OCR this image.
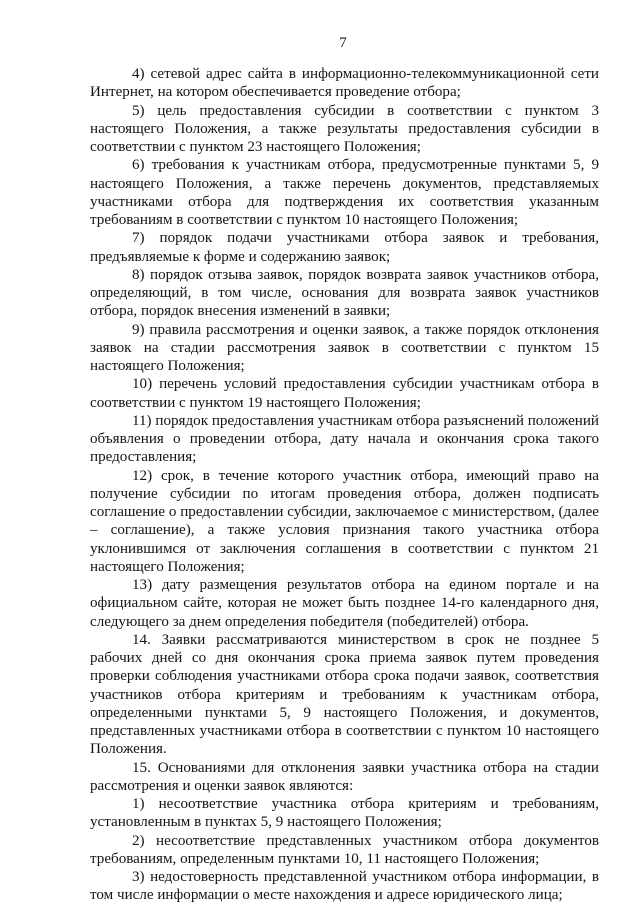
7

4) сетевой адрес сайта в информационно-телекоммуникационной сети Интернет, на котором обеспечивается проведение отбора;

5) цель предоставления субсидии в соответствии с пунктом 3 настоящего Положения, а также результаты предоставления субсидии в соответствии с пунктом 23 настоящего Положения;

6) требования к участникам отбора, предусмотренные пунктами 5, 9 настоящего Положения, а также перечень документов, представляемых участниками отбора для подтверждения их соответствия указанным требованиям в соответствии с пунктом 10 настоящего Положения;

7) порядок подачи участниками отбора заявок и требования, предъявляемые к форме и содержанию заявок;

8) порядок отзыва заявок, порядок возврата заявок участников отбора, определяющий, в том числе, основания для возврата заявок участников отбора, порядок внесения изменений в заявки;

9) правила рассмотрения и оценки заявок, а также порядок отклонения заявок на стадии рассмотрения заявок в соответствии с пунктом 15 настоящего Положения;

10) перечень условий предоставления субсидии участникам отбора в соответствии с пунктом 19 настоящего Положения;

11) порядок предоставления участникам отбора разъяснений положений объявления о проведении отбора, дату начала и окончания срока такого предоставления;

12) срок, в течение которого участник отбора, имеющий право на получение субсидии по итогам проведения отбора, должен подписать соглашение о предоставлении субсидии, заключаемое с министерством, (далее – соглашение), а также условия признания такого участника отбора уклонившимся от заключения соглашения в соответствии с пунктом 21 настоящего Положения;

13) дату размещения результатов отбора на едином портале и на официальном сайте, которая не может быть позднее 14-го календарного дня, следующего за днем определения победителя (победителей) отбора.

14. Заявки рассматриваются министерством в срок не позднее 5 рабочих дней со дня окончания срока приема заявок путем проведения проверки соблюдения участниками отбора срока подачи заявок, соответствия участников отбора критериям и требованиям к участникам отбора, определенными пунктами 5, 9 настоящего Положения, и документов, представленных участниками отбора в соответствии с пунктом 10 настоящего Положения.

15. Основаниями для отклонения заявки участника отбора на стадии рассмотрения и оценки заявок являются:

1) несоответствие участника отбора критериям и требованиям, установленным в пунктах 5, 9 настоящего Положения;

2) несоответствие представленных участником отбора документов требованиям, определенным пунктами 10, 11 настоящего Положения;

3) недостоверность представленной участником отбора информации, в том числе информации о месте нахождения и адресе юридического лица;
